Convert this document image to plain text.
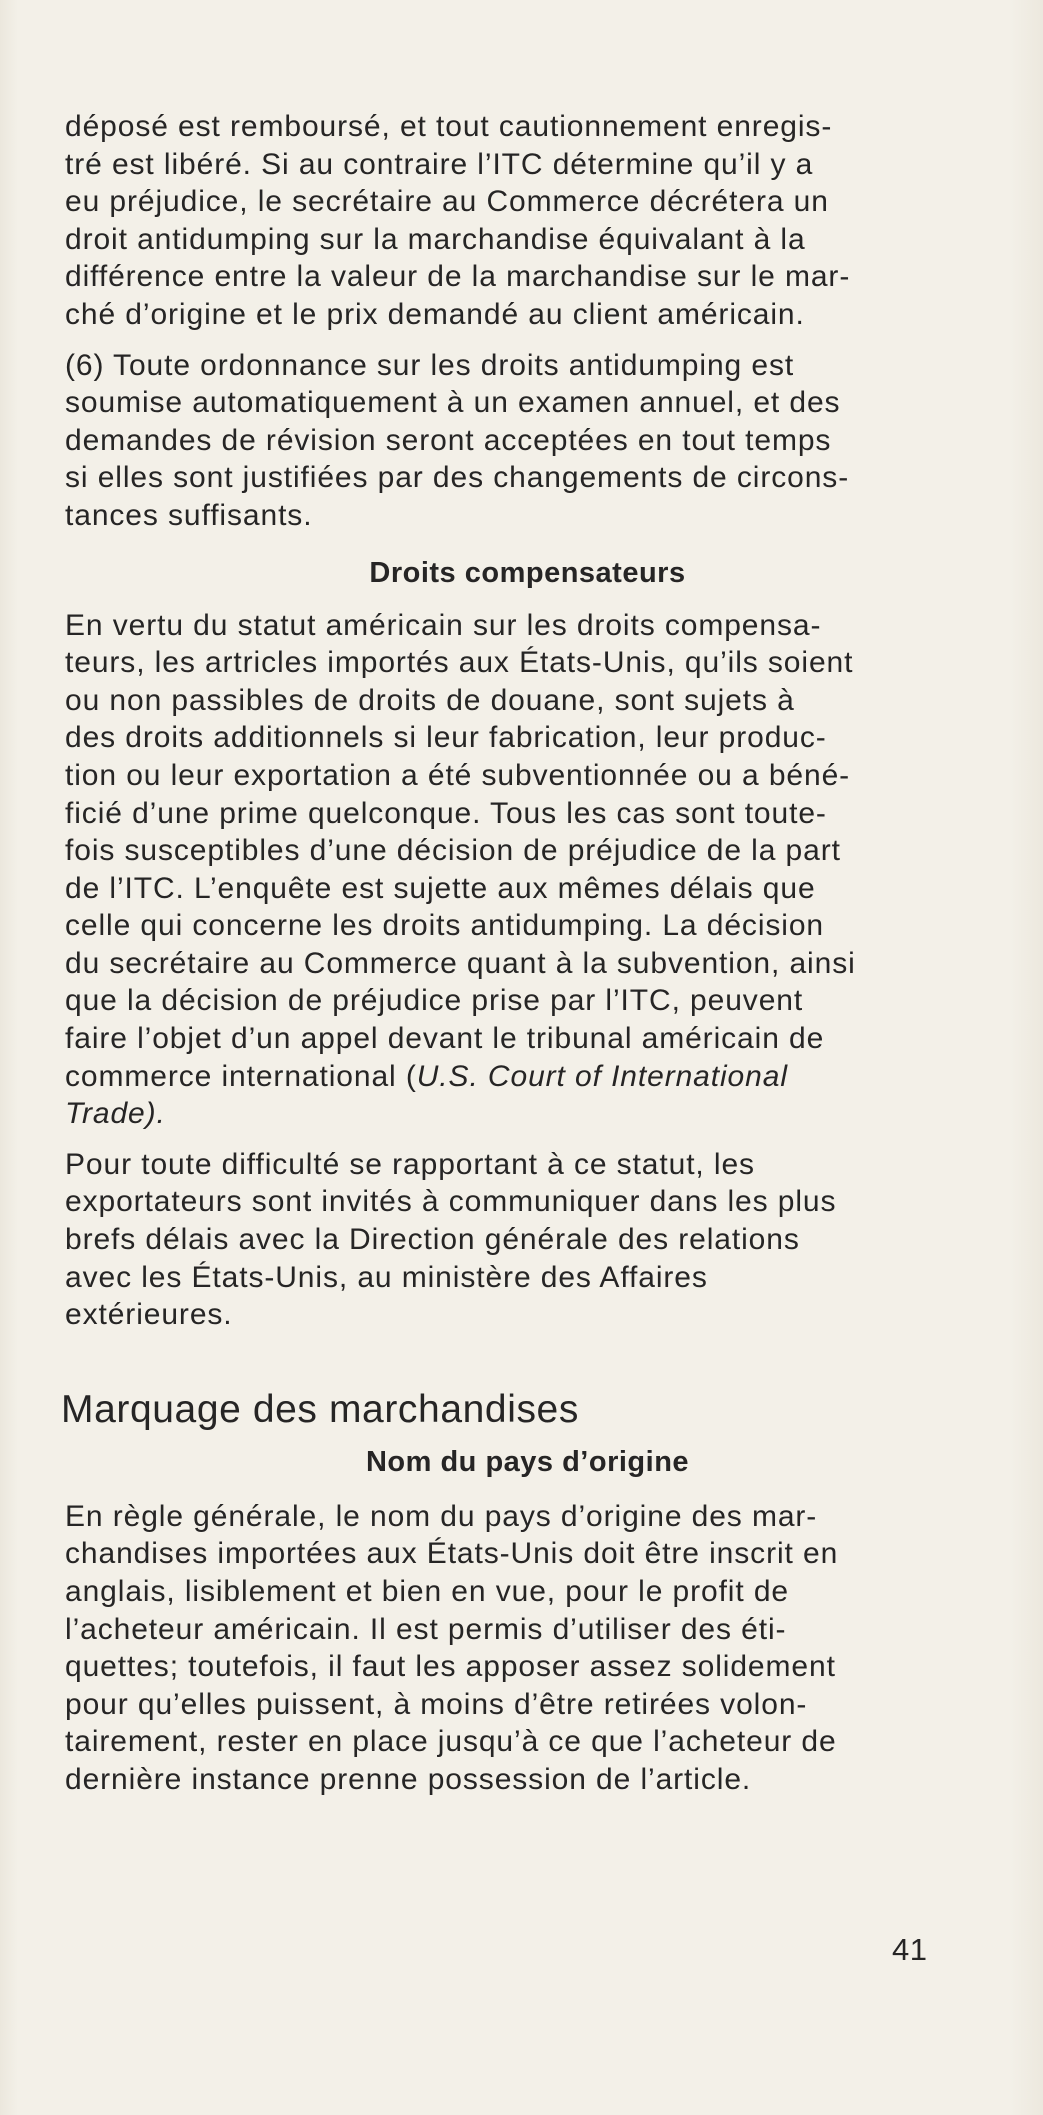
déposé est remboursé, et tout cautionnement enregis-
tré est libéré. Si au contraire l’ITC détermine qu’il y a
eu préjudice, le secrétaire au Commerce décrétera un
droit antidumping sur la marchandise équivalant à la
différence entre la valeur de la marchandise sur le mar-
ché d’origine et le prix demandé au client américain.

(6) Toute ordonnance sur les droits antidumping est
soumise automatiquement à un examen annuel, et des
demandes de révision seront acceptées en tout temps
si elles sont justifiées par des changements de circons-
tances suffisants.

Droits compensateurs

En vertu du statut américain sur les droits compensa-
teurs, les artricles importés aux États-Unis, qu’ils soient
ou non passibles de droits de douane, sont sujets à
des droits additionnels si leur fabrication, leur produc-
tion ou leur exportation a été subventionnée ou a béné-
ficié d’une prime quelconque. Tous les cas sont toute-
fois susceptibles d’une décision de préjudice de la part
de l’ITC. L’enquête est sujette aux mêmes délais que
celle qui concerne les droits antidumping. La décision
du secrétaire au Commerce quant à la subvention, ainsi
que la décision de préjudice prise par l’ITC, peuvent
faire l’objet d’un appel devant le tribunal américain de
commerce international (U.S. Court of International
Trade).

Pour toute difficulté se rapportant à ce statut, les
exportateurs sont invités à communiquer dans les plus
brefs délais avec la Direction générale des relations
avec les États-Unis, au ministère des Affaires
extérieures.

Marquage des marchandises
Nom du pays d’origine

En règle générale, le nom du pays d’origine des mar-
chandises importées aux États-Unis doit être inscrit en
anglais, lisiblement et bien en vue, pour le profit de
l’acheteur américain. Il est permis d’utiliser des éti-
quettes; toutefois, il faut les apposer assez solidement
pour qu’elles puissent, à moins d’être retirées volon-
tairement, rester en place jusqu’à ce que l’acheteur de
dernière instance prenne possession de l’article.

41
